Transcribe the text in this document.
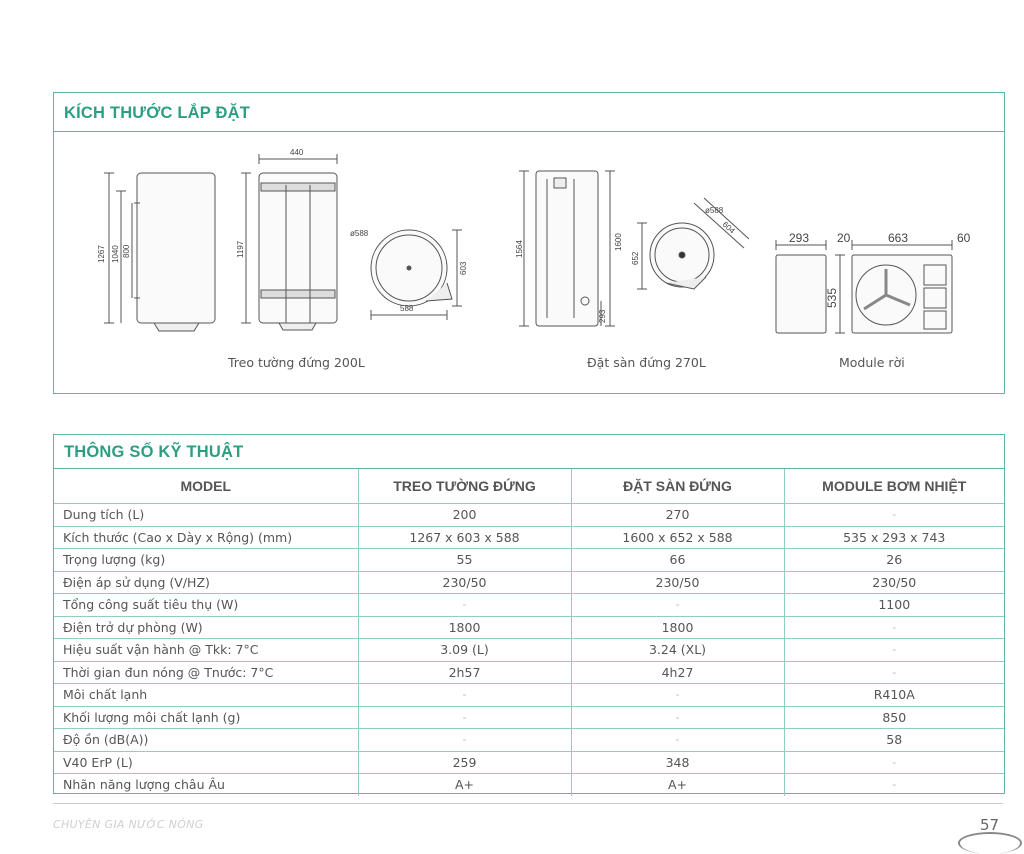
KÍCH THƯỚC LẮP ĐẶT
1267 1040 800	1197
440
ø588
603
588
1564	1600
293
652
ø588
604
293 20	663	60
535
Treo tường đứng 200L	Đặt sàn đứng 270L	Module rời
THÔNG SỐ KỸ THUẬT
MODEL	TREO TƯỜNG ĐỨNG	ĐẶT SÀN ĐỨNG	MODULE BƠM NHIỆT
Dung tích (L)	200	270	-
Kích thước (Cao x Dày x Rộng) (mm)	1267 x 603 x 588	1600 x 652 x 588	535 x 293 x 743
Trọng lượng (kg)	55	66	26
Điện áp sử dụng (V/HZ)	230/50	230/50	230/50
Tổng công suất tiêu thụ (W)	-	-	1100
Điện trở dự phòng (W)	1800	1800	-
Hiệu suất vận hành @ Tkk: 7°C	3.09 (L)	3.24 (XL)	-
Thời gian đun nóng @ Tnước: 7°C	2h57	4h27	-
Môi chất lạnh	-	-	R410A
Khối lượng môi chất lạnh (g)	-	-	850
Độ ồn (dB(A))	-	-	58
V40 ErP (L)	259	348	-
Nhãn năng lượng châu Âu	A+	A+	-
CHUYÊN GIA NƯỚC NÓNG	57
